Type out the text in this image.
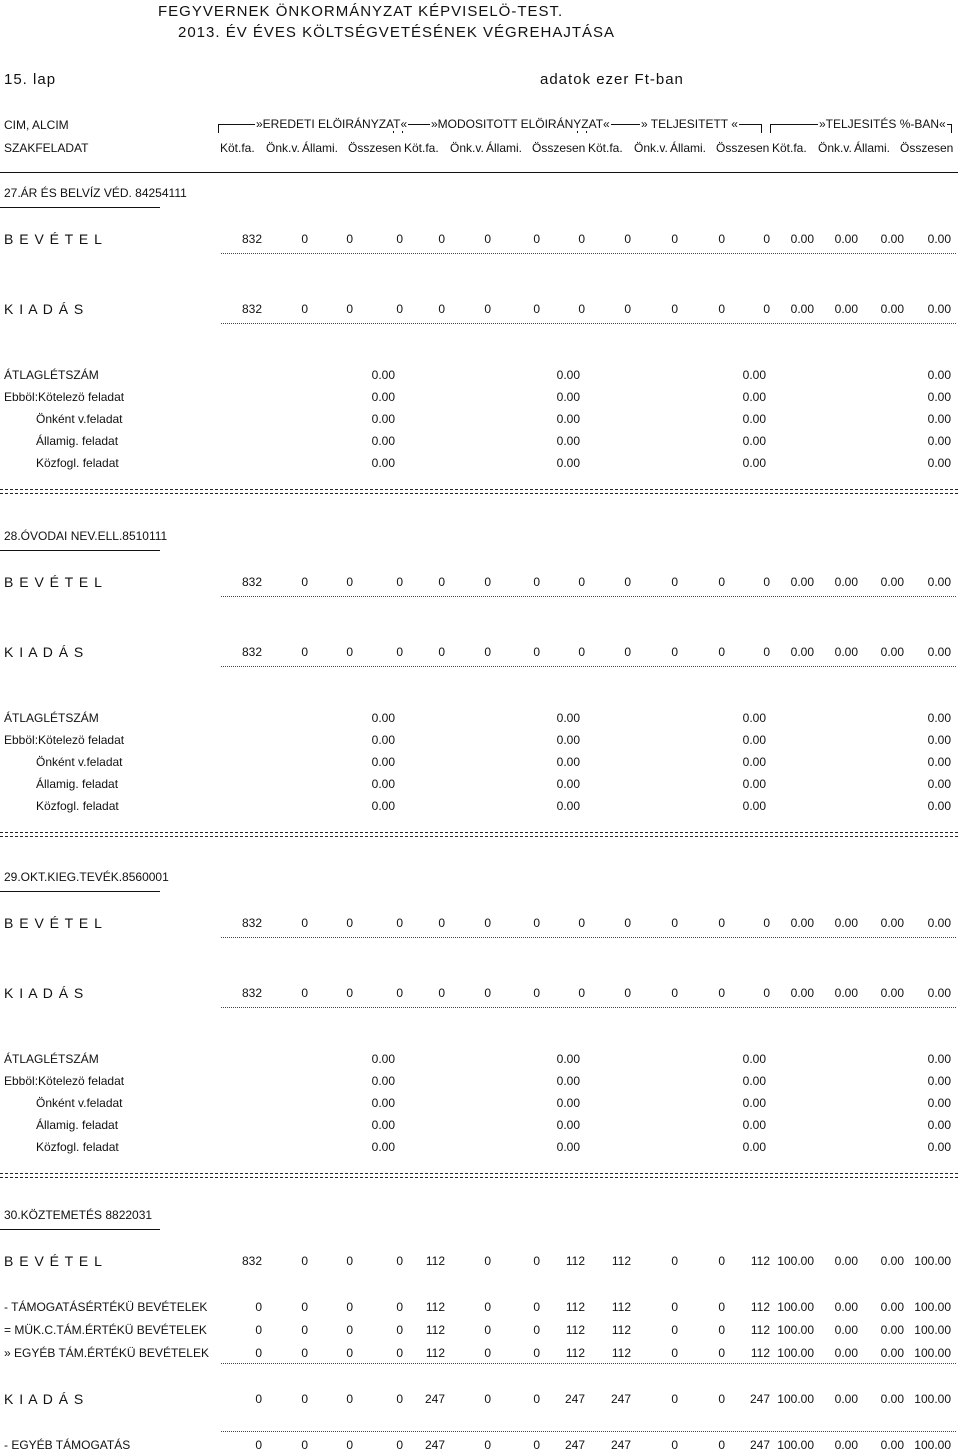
FEGYVERNEK ÖNKORMÁNYZAT KÉPVISELÖ-TEST.
2013. ÉV ÉVES KÖLTSÉGVETÉSÉNEK VÉGREHAJTÁSA
15. lap	adatok ezer Ft-ban
CIM, ALCIM
SZAKFELADAT
»EREDETI ELÖIRÁNYZAT« »MODOSITOTT ELÖIRÁNYZAT«	» TELJESITETT «	»TELJESITÉS %-BAN«
Köt.fa. Önk.v. Állami. Összesen Köt.fa. Önk.v. Állami. Összesen Köt.fa. Önk.v. Állami. Összesen Köt.fa. Önk.v. Állami. Összesen
27.ÁR ÉS BELVÍZ VÉD. 84254111
B E V É T E L	832	0	0	0	0	0	0	0	0	0	0	0 0.00 0.00 0.00 0.00
K I A D Á S	832	0	0	0	0	0	0	0	0	0	0	0 0.00 0.00 0.00 0.00
ÁTLAGLÉTSZÁM	0.00	0.00	0.00	0.00
Ebböl:Kötelezö feladat	0.00	0.00	0.00	0.00
Önként v.feladat	0.00	0.00	0.00	0.00
Államig. feladat	0.00	0.00	0.00	0.00
Közfogl. feladat	0.00	0.00	0.00	0.00
28.ÓVODAI NEV.ELL.8510111
B E V É T E L	832	0	0	0	0	0	0	0	0	0	0	0 0.00 0.00 0.00 0.00
K I A D Á S	832	0	0	0	0	0	0	0	0	0	0	0 0.00 0.00 0.00 0.00
ÁTLAGLÉTSZÁM	0.00	0.00	0.00	0.00
Ebböl:Kötelezö feladat	0.00	0.00	0.00	0.00
Önként v.feladat	0.00	0.00	0.00	0.00
Államig. feladat	0.00	0.00	0.00	0.00
Közfogl. feladat	0.00	0.00	0.00	0.00
29.OKT.KIEG.TEVÉK.8560001
B E V É T E L	832	0	0	0	0	0	0	0	0	0	0	0 0.00 0.00 0.00 0.00
K I A D Á S	832	0	0	0	0	0	0	0	0	0	0	0 0.00 0.00 0.00 0.00
ÁTLAGLÉTSZÁM	0.00	0.00	0.00	0.00
Ebböl:Kötelezö feladat	0.00	0.00	0.00	0.00
Önként v.feladat	0.00	0.00	0.00	0.00
Államig. feladat	0.00	0.00	0.00	0.00
Közfogl. feladat	0.00	0.00	0.00	0.00
30.KÖZTEMETÉS 8822031
B E V É T E L	832	0	0	0 112	0	0 112 112	0	0 112 100.00 0.00 0.00 100.00
- TÁMOGATÁSÉRTÉKÜ BEVÉTELEK	0	0	0	0 112	0	0 112 112	0	0 112 100.00 0.00 0.00 100.00
= MÜK.C.TÁM.ÉRTÉKÜ BEVÉTELEK	0	0	0	0 112	0	0 112 112	0	0 112 100.00 0.00 0.00 100.00
» EGYÉB TÁM.ÉRTÉKÜ BEVÉTELEK	0	0	0	0 112	0	0 112 112	0	0 112 100.00 0.00 0.00 100.00
K I A D Á S	0	0	0	0 247	0	0 247 247	0	0 247 100.00 0.00 0.00 100.00
- EGYÉB TÁMOGATÁS	0	0	0	0 247	0	0 247 247	0	0 247 100.00 0.00 0.00 100.00
